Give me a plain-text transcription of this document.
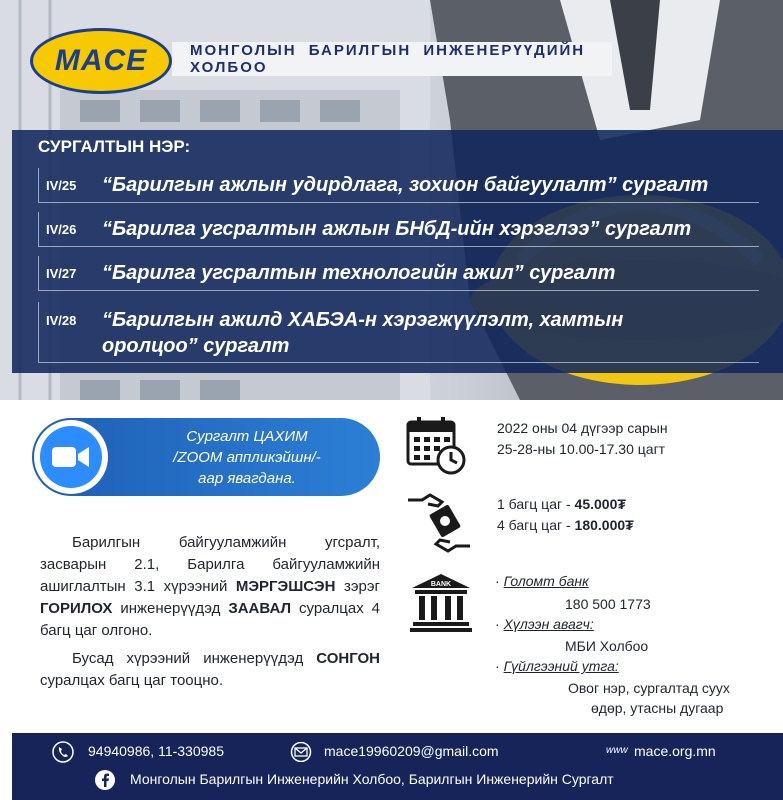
MACE	МОНГОЛЫН БАРИЛГЫН ИНЖЕНЕРҮҮДИЙН ХОЛБОО
СУРГАЛТЫН НЭР:
IV/25	“Барилгын ажлын удирдлага, зохион байгуулалт” сургалт
IV/26	“Барилга угсралтын ажлын БНбД-ийн хэрэглээ” сургалт
IV/27	“Барилга угсралтын технологийн ажил” сургалт
IV/28	“Барилгын ажилд ХАБЭА-н хэрэгжүүлэлт, хамтын
оролцоо” сургалт
Сургалт ЦАХИМ
/ZOOM аппликэйшн/-
аар явагдана.

Барилгын байгууламжийн угсралт, засварын 2.1, Барилга байгууламжийн ашиглалтын 3.1 хүрээний МЭРГЭШСЭН зэрэг ГОРИЛОХ инженерүүдэд ЗААВАЛ суралцах 4 багц цаг олгоно.

Бусад хүрээний инженерүүдэд СОНГОН суралцах багц цаг тооцно.

2022 оны 04 дүгээр сарын
25-28-ны 10.00-17.30 цагт
1 багц цаг - 45.000₮
4 багц цаг - 180.000₮
BANK	· Голомт банк
180 500 1773
· Хүлээн авагч:
МБИ Холбоо
· Гүйлгээний утга:
Овог нэр, сургалтад суух
өдөр, утасны дугаар
94940986, 11-330985	mace19960209@gmail.com	www mace.org.mn
Монголын Барилгын Инженерийн Холбоо, Барилгын Инженерийн Сургалт
